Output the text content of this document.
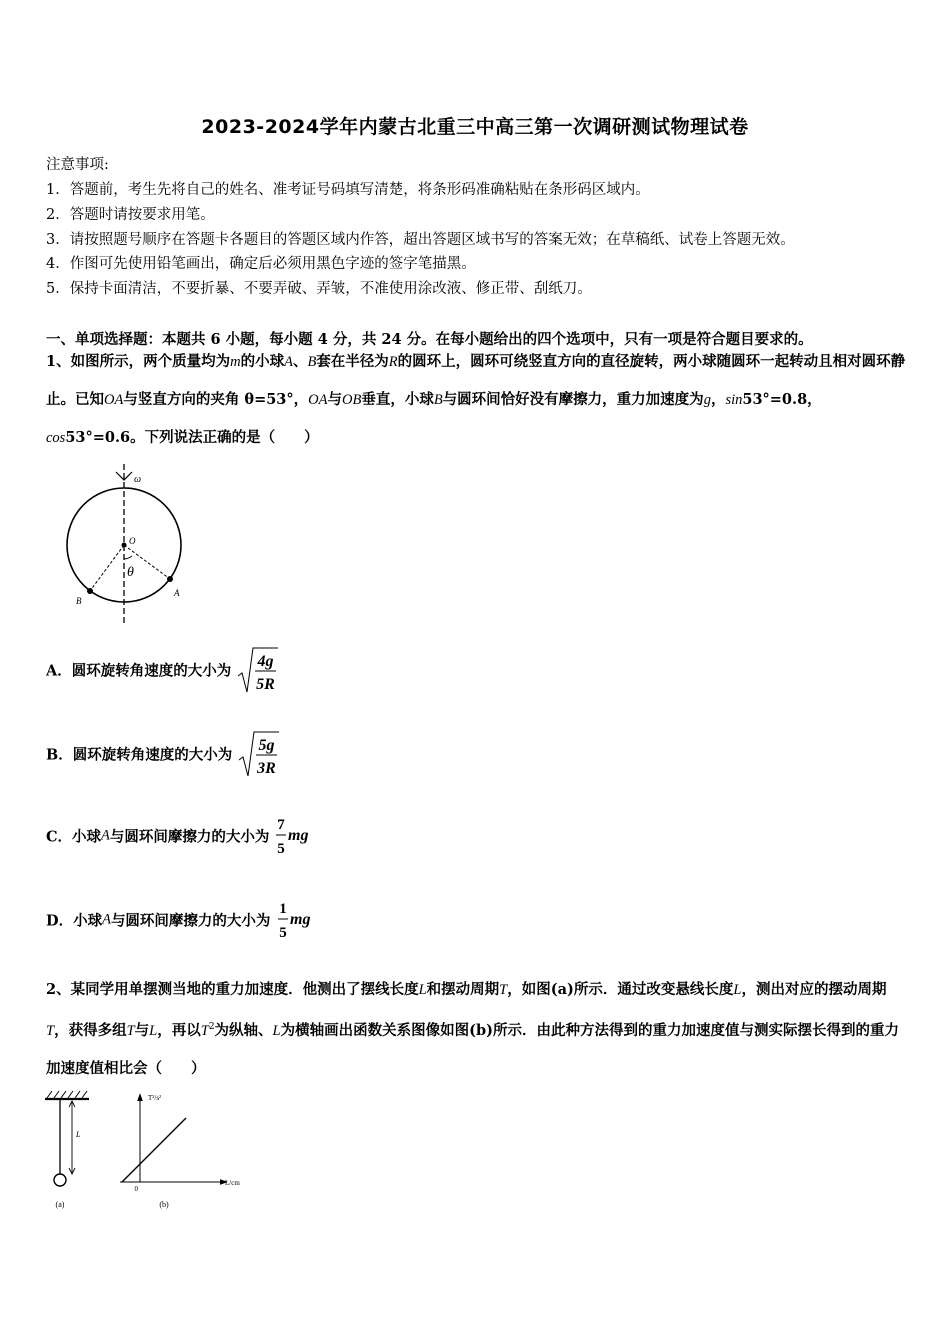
2023-2024学年内蒙古北重三中高三第一次调研测试物理试卷
注意事项:
1．答题前，考生先将自己的姓名、准考证号码填写清楚，将条形码准确粘贴在条形码区域内。
2．答题时请按要求用笔。
3．请按照题号顺序在答题卡各题目的答题区域内作答，超出答题区域书写的答案无效；在草稿纸、试卷上答题无效。
4．作图可先使用铅笔画出，确定后必须用黑色字迹的签字笔描黑。
5．保持卡面清洁，不要折暴、不要弄破、弄皱，不准使用涂改液、修正带、刮纸刀。
一、单项选择题：本题共 6 小题，每小题 4 分，共 24 分。在每小题给出的四个选项中，只有一项是符合题目要求的。
1、如图所示，两个质量均为m的小球A、B套在半径为R的圆环上，圆环可绕竖直方向的直径旋转，两小球随圆环一起转动且相对圆环静止。已知OA与竖直方向的夹角 θ=53°，OA与OB垂直，小球B与圆环间恰好没有摩擦力，重力加速度为g，sin53°=0.8，cos53°=0.6。下列说法正确的是（　　）
ω
O
θ
A
B
A．圆环旋转角速度的大小为
4g
5R
B．圆环旋转角速度的大小为
5g
3R
C．小球A与圆环间摩擦力的大小为
7
5
mg
D．小球A与圆环间摩擦力的大小为
1
5
mg
2、某同学用单摆测当地的重力加速度．他测出了摆线长度L和摆动周期T，如图(a)所示．通过改变悬线长度L，测出对应的摆动周期T，获得多组T与L，再以$T^2$为纵轴、L为横轴画出函数关系图像如图(b)所示．由此种方法得到的重力加速度值与测实际摆长得到的重力加速度值相比会（　　）
L
(a)
T²/s²
L/cm
0
(b)
